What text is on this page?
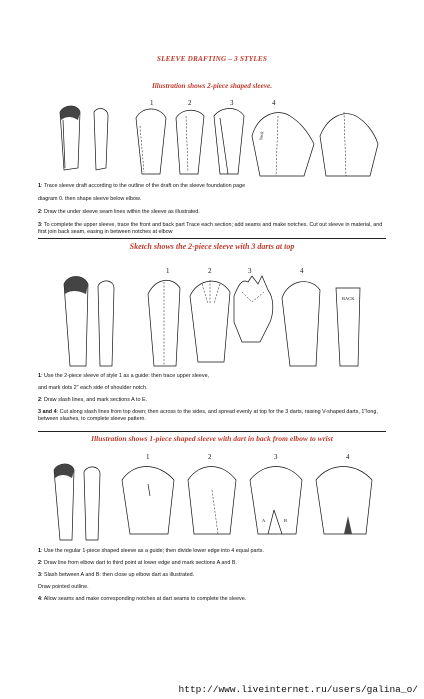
SLEEVE DRAFTING – 3 STYLES
Illustration shows 2-piece shaped sleeve.
1	2	3	4
back
1: Trace sleeve draft according to the outline of the draft on the sleeve foundation page
diagram 0. then shape sleeve below elbow.
2: Draw the under sleeve seam lines within the sleeve as illustrated.
3: To complete the upper sleeve, trace the front and back part Trace each section; add seams and make notches. Cut out sleeve in material, and first join back seam, easing in between notches at elbow
Sketch shows the 2-piece sleeve with 3 darts at top
1	2	3	4
BACK
1: Use the 2-piece sleeve of style 1 as a guide: then trace upper sleeve,
and mark dots 2" each side of shoulder notch.
2: Draw slash lines, and mark sections A to E.
3 and 4: Cut along slash lines from top down; then across to the sides, and spread evenly at top for the 3 darts, raising V-shaped darts, 1"long, between slashes, to complete sleeve pattern.
Illustration shows 1-piece shaped sleeve with dart in back from elbow to wrist
1	2	3
A	B
4
1: Use the regular 1-piece shaped sleeve as a guide; then divide lower edge into 4 equal parts.
2: Draw line from elbow dart to third point at lower edge and mark sections A and B.
3: Slash between A and B: then close up elbow dart as illustrated.
Draw pointed outline.
4: Allow seams and make corresponding notches at dart seams to complete the sleeve.
http://www.liveinternet.ru/users/galina_o/
